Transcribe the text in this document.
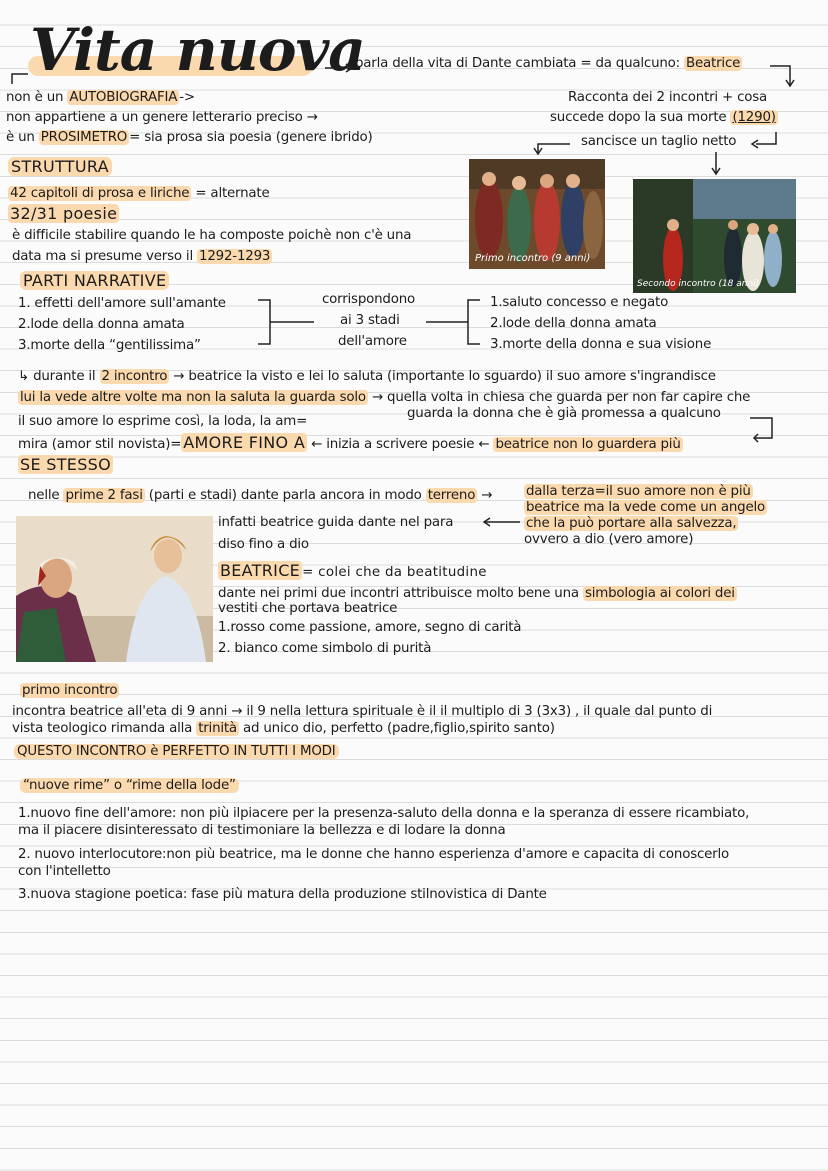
Vita nuova
parla della vita di Dante cambiata = da qualcuno: Beatrice
non è un AUTOBIOGRAFIA ->
non appartiene a un genere letterario preciso →
è un PROSIMETRO = sia prosa sia poesia (genere ibrido)
Racconta dei 2 incontri + cosa
succede dopo la sua morte (1290)
sancisce un taglio netto
STRUTTURA
42 capitoli di prosa e liriche = alternate
32/31 poesie
è difficile stabilire quando le ha composte poichè non c'è una
data ma si presume verso il 1292-1293	Primo incontro (9 anni)
Secondo incontro (18 anni)
PARTI NARRATIVE
1. effetti dell'amore sull'amante
2.lode della donna amata
3.morte della “gentilissima”
corrispondono
ai 3 stadi
dell'amore
1.saluto concesso e negato
2.lode della donna amata
3.morte della donna e sua visione
↳ durante il 2 incontro → beatrice la visto e lei lo saluta (importante lo sguardo) il suo amore s'ingrandisce
lui la vede altre volte ma non la saluta la guarda solo → quella volta in chiesa che guarda per non far capire che
guarda la donna che è già promessa a qualcuno
il suo amore lo esprime così, la loda, la am=
mira (amor stil novista)= AMORE FINO A ← inizia a scrivere poesie ← beatrice non lo guardera più
SE STESSO
nelle prime 2 fasi (parti e stadi) dante parla ancora in modo terreno →	dalla terza=il suo amore non è più
beatrice ma la vede come un angelo
che la può portare alla salvezza,
ovvero a dio (vero amore)
infatti beatrice guida dante nel para
diso fino a dio
BEATRICE = colei che da beatitudine
dante nei primi due incontri attribuisce molto bene una simbologia ai colori dei
vestiti che portava beatrice
1.rosso come passione, amore, segno di carità
2. bianco come simbolo di purità
primo incontro
incontra beatrice all'eta di 9 anni → il 9 nella lettura spirituale è il il multiplo di 3 (3x3) , il quale dal punto di
vista teologico rimanda alla trinità ad unico dio, perfetto (padre,figlio,spirito santo)
QUESTO INCONTRO è PERFETTO IN TUTTI I MODI
“nuove rime” o “rime della lode”
1.nuovo fine dell'amore: non più ilpiacere per la presenza-saluto della donna e la speranza di essere ricambiato,
ma il piacere disinteressato di testimoniare la bellezza e di lodare la donna
2. nuovo interlocutore:non più beatrice, ma le donne che hanno esperienza d'amore e capacita di conoscerlo
con l'intelletto
3.nuova stagione poetica: fase più matura della produzione stilnovistica di Dante
